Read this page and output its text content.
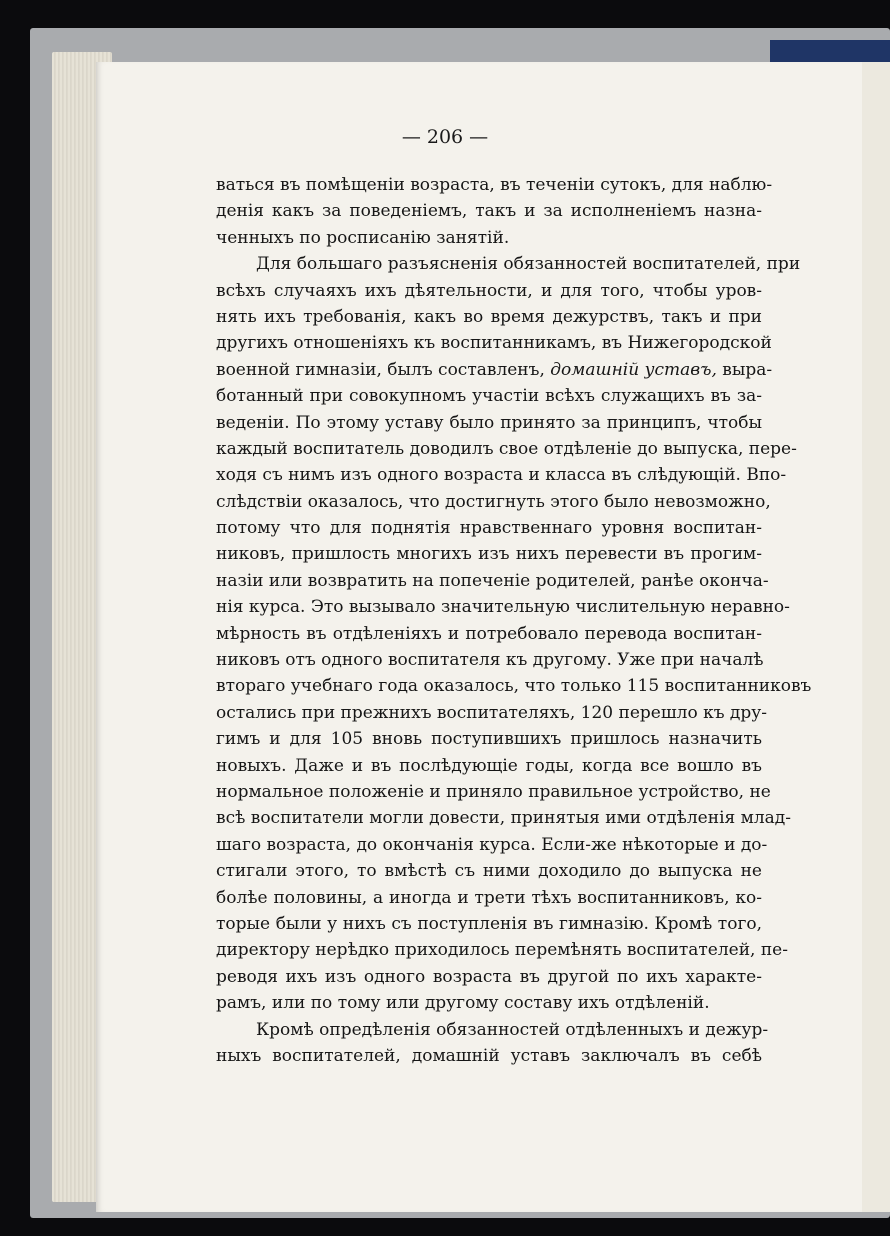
— 206 —
ваться въ помѣщеніи возраста, въ теченіи сутокъ, для наблю-
денія какъ за поведеніемъ, такъ и за исполненіемъ назна-
ченныхъ по росписанію занятій.
Для большаго разъясненія обязанностей воспитателей, при
всѣхъ случаяхъ ихъ дѣятельности, и для того, чтобы уров-
нять ихъ требованія, какъ во время дежурствъ, такъ и при
другихъ отношеніяхъ къ воспитанникамъ, въ Нижегородской
военной гимназіи, былъ составленъ, домашній уставъ, вырa-
ботанный при совокупномъ участіи всѣхъ служащихъ въ за-
веденіи. По этому уставу было принято за принципъ, чтобы
каждый воспитатель доводилъ свое отдѣленіе до выпуска, пере-
ходя съ нимъ изъ одного возраста и класса въ слѣдующій. Впо-
слѣдствіи оказалось, что достигнуть этого было невозможно,
потому что для поднятія нравственнаго уровня воспитан-
никовъ, пришлость многихъ изъ нихъ перевести въ прогим-
назіи или возвратить на попеченіе родителей, ранѣе оконча-
нія курса. Это вызывало значительную числительную неравно-
мѣрность въ отдѣленіяхъ и потребовало перевода воспитан-
никовъ отъ одного воспитателя къ другому. Уже при началѣ
втораго учебнаго года оказалось, что только 115 воспитанниковъ
остались при прежнихъ воспитателяхъ, 120 перешло къ дру-
гимъ и для 105 вновь поступившихъ пришлось назначить
новыхъ. Даже и въ послѣдующіе годы, когда все вошло въ
нормальное положеніе и приняло правильное устройство, не
всѣ воспитатели могли довести, принятыя ими отдѣленія млад-
шаго возраста, до окончанія курса. Если-же нѣкоторые и до-
стигали этого, то вмѣстѣ съ ними доходило до выпуска не
болѣе половины, а иногда и трети тѣхъ воспитанниковъ, ко-
торые были у нихъ съ поступленія въ гимназію. Кромѣ того,
директору нерѣдко приходилось перемѣнять воспитателей, пе-
реводя ихъ изъ одного возраста въ другой по ихъ характе-
рамъ, или по тому или другому составу ихъ отдѣленій.
Кромѣ опредѣленія обязанностей отдѣленныхъ и дежур-
ныхъ воспитателей, домашній уставъ заключалъ въ себѣ
